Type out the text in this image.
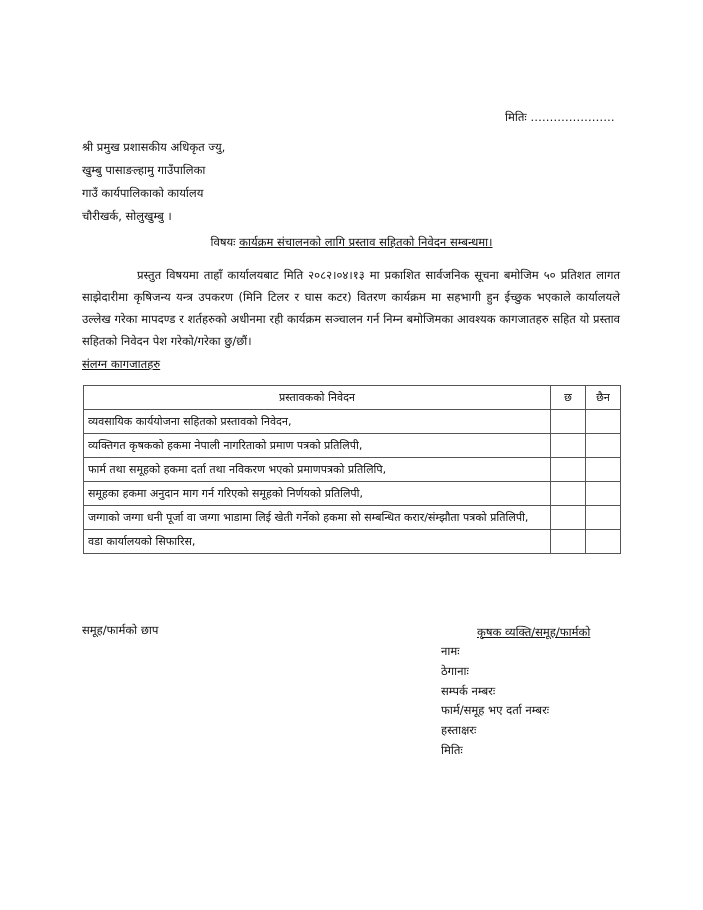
मितिः ………………….
श्री प्रमुख प्रशासकीय अधिकृत ज्यु,
खुम्बु पासाङल्हामु गाउँपालिका
गाउँ कार्यपालिकाको कार्यालय
चौरीखर्क, सोलुखुम्बु ।
विषयः कार्यक्रम संचालनको लागि प्रस्ताव सहितको निवेदन सम्बन्धमा।
प्रस्तुत विषयमा ताहाँ कार्यालयबाट मिति २०८२।०४।१३ मा प्रकाशित सार्वजनिक सूचना बमोजिम ५० प्रतिशत लागत साझेदारीमा कृषिजन्य यन्त्र उपकरण (मिनि टिलर र घास कटर) वितरण कार्यक्रम मा सहभागी हुन ईच्छुक भएकाले कार्यालयले उल्लेख गरेका मापदण्ड र शर्तहरुको अधीनमा रही कार्यक्रम सञ्चालन गर्न निम्न बमोजिमका आवश्यक कागजातहरु सहित यो प्रस्ताव सहितको निवेदन पेश गरेको/गरेका छु/छौं।
संलग्न कागजातहरु
प्रस्तावकको निवेदन	छ	छैन
व्यवसायिक कार्ययोजना सहितको प्रस्तावको निवेदन,		
व्यक्तिगत कृषकको हकमा नेपाली नागरिताको प्रमाण पत्रको प्रतिलिपी,		
फार्म तथा समूहको हकमा दर्ता तथा नविकरण भएको प्रमाणपत्रको प्रतिलिपि,		
समूहका हकमा अनुदान माग गर्न गरिएको समूहको निर्णयको प्रतिलिपी,		
जग्गाको जग्गा धनी पूर्जा वा जग्गा भाडामा लिई खेती गर्नेको हकमा सो सम्बन्धित करार/संम्झौता पत्रको प्रतिलिपी,		
वडा कार्यालयको सिफारिस,		
समूह/फार्मको छाप	कृषक व्यक्ति/समूह/फार्मको
नामः
ठेगानाः
सम्पर्क नम्बरः
फार्म/समूह भए दर्ता नम्बरः
हस्ताक्षरः
मितिः
